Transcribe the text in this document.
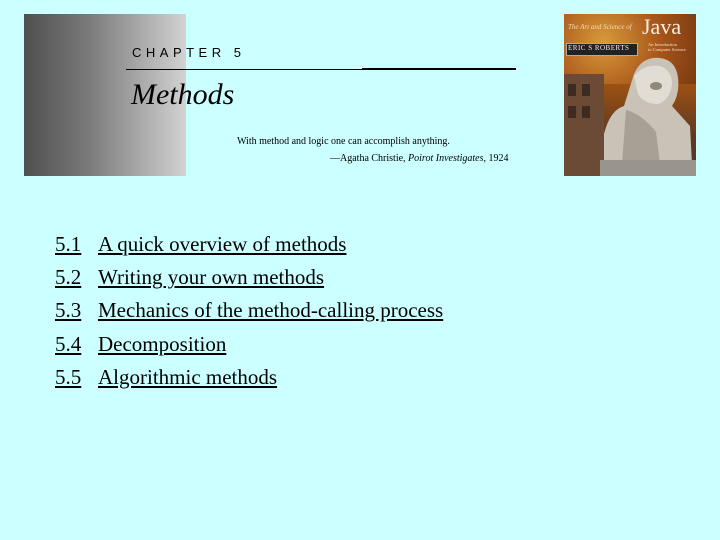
CHAPTER 5
Methods
With method and logic one can accomplish anything.
—Agatha Christie, Poirot Investigates, 1924
The Art and Science of Java
ERIC S ROBERTS	An Introduction
to Computer Science
5.1 A quick overview of methods
5.2 Writing your own methods
5.3 Mechanics of the method-calling process
5.4 Decomposition
5.5 Algorithmic methods
